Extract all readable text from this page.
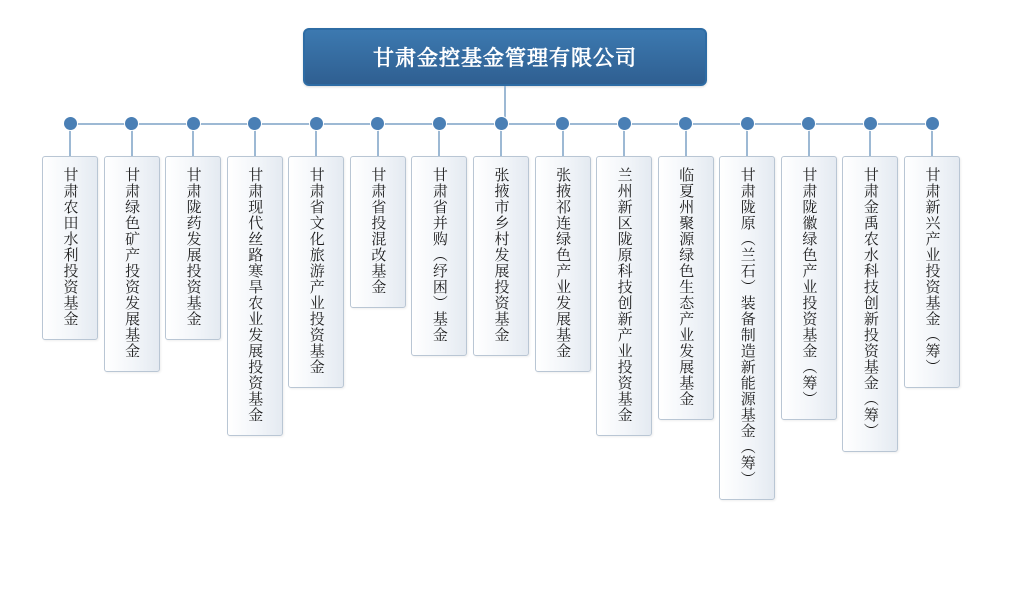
甘肃金控基金管理有限公司
甘肃农田水利投资基金	甘肃绿色矿产投资发展基金	甘肃陇药发展投资基金	甘肃现代丝路寒旱农业发展投资基金	甘肃省文化旅游产业投资基金	甘肃省投混改基金	甘肃省并购（纾困）基金	张掖市乡村发展投资基金	张掖祁连绿色产业发展基金	兰州新区陇原科技创新产业投资基金	临夏州聚源绿色生态产业发展基金	甘肃陇原（兰石）装备制造新能源基金（筹）	甘肃陇徽绿色产业投资基金（筹）	甘肃金禹农水科技创新投资基金（筹）	甘肃新兴产业投资基金（筹）
